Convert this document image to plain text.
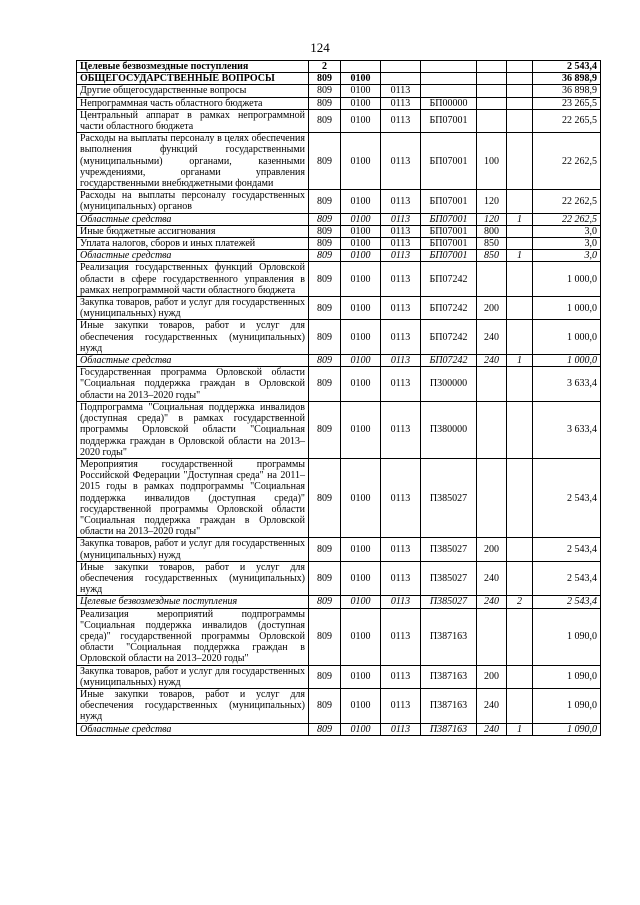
124
Целевые безвозмездные поступления	2						2 543,4
ОБЩЕГОСУДАРСТВЕННЫЕ ВОПРОСЫ	809	0100					36 898,9
Другие общегосударственные вопросы	809	0100	0113				36 898,9
Непрограммная часть областного бюджета	809	0100	0113	БП00000			23 265,5
Центральный аппарат в рамках непрограммной части областного бюджета	809	0100	0113	БП07001			22 265,5
Расходы на выплаты персоналу в целях обеспечения выполнения функций государственными (муниципальными) органами, казенными учреждениями, органами управления государственными внебюджетными фондами	809	0100	0113	БП07001	100		22 262,5
Расходы на выплаты персоналу государственных (муниципальных) органов	809	0100	0113	БП07001	120		22 262,5
Областные средства	809	0100	0113	БП07001	120	1	22 262,5
Иные бюджетные ассигнования	809	0100	0113	БП07001	800		3,0
Уплата налогов, сборов и иных платежей	809	0100	0113	БП07001	850		3,0
Областные средства	809	0100	0113	БП07001	850	1	3,0
Реализация государственных функций Орловской области в сфере государственного управления в рамках непрограммной части областного бюджета	809	0100	0113	БП07242			1 000,0
Закупка товаров, работ и услуг для государственных (муниципальных) нужд	809	0100	0113	БП07242	200		1 000,0
Иные закупки товаров, работ и услуг для обеспечения государственных (муниципальных) нужд	809	0100	0113	БП07242	240		1 000,0
Областные средства	809	0100	0113	БП07242	240	1	1 000,0
Государственная программа Орловской области "Социальная поддержка граждан в Орловской области на 2013–2020 годы"	809	0100	0113	П300000			3 633,4
Подпрограмма "Социальная поддержка инвалидов (доступная среда)" в рамках государственной программы Орловской области "Социальная поддержка граждан в Орловской области на 2013–2020 годы"	809	0100	0113	П380000			3 633,4
Мероприятия государственной программы Российской Федерации "Доступная среда" на 2011–2015 годы в рамках подпрограммы "Социальная поддержка инвалидов (доступная среда)" государственной программы Орловской области "Социальная поддержка граждан в Орловской области на 2013–2020 годы"	809	0100	0113	П385027			2 543,4
Закупка товаров, работ и услуг для государственных (муниципальных) нужд	809	0100	0113	П385027	200		2 543,4
Иные закупки товаров, работ и услуг для обеспечения государственных (муниципальных) нужд	809	0100	0113	П385027	240		2 543,4
Целевые безвозмездные поступления	809	0100	0113	П385027	240	2	2 543,4
Реализация мероприятий подпрограммы "Социальная поддержка инвалидов (доступная среда)" государственной программы Орловской области "Социальная поддержка граждан в Орловской области на 2013–2020 годы"	809	0100	0113	П387163			1 090,0
Закупка товаров, работ и услуг для государственных (муниципальных) нужд	809	0100	0113	П387163	200		1 090,0
Иные закупки товаров, работ и услуг для обеспечения государственных (муниципальных) нужд	809	0100	0113	П387163	240		1 090,0
Областные средства	809	0100	0113	П387163	240	1	1 090,0
